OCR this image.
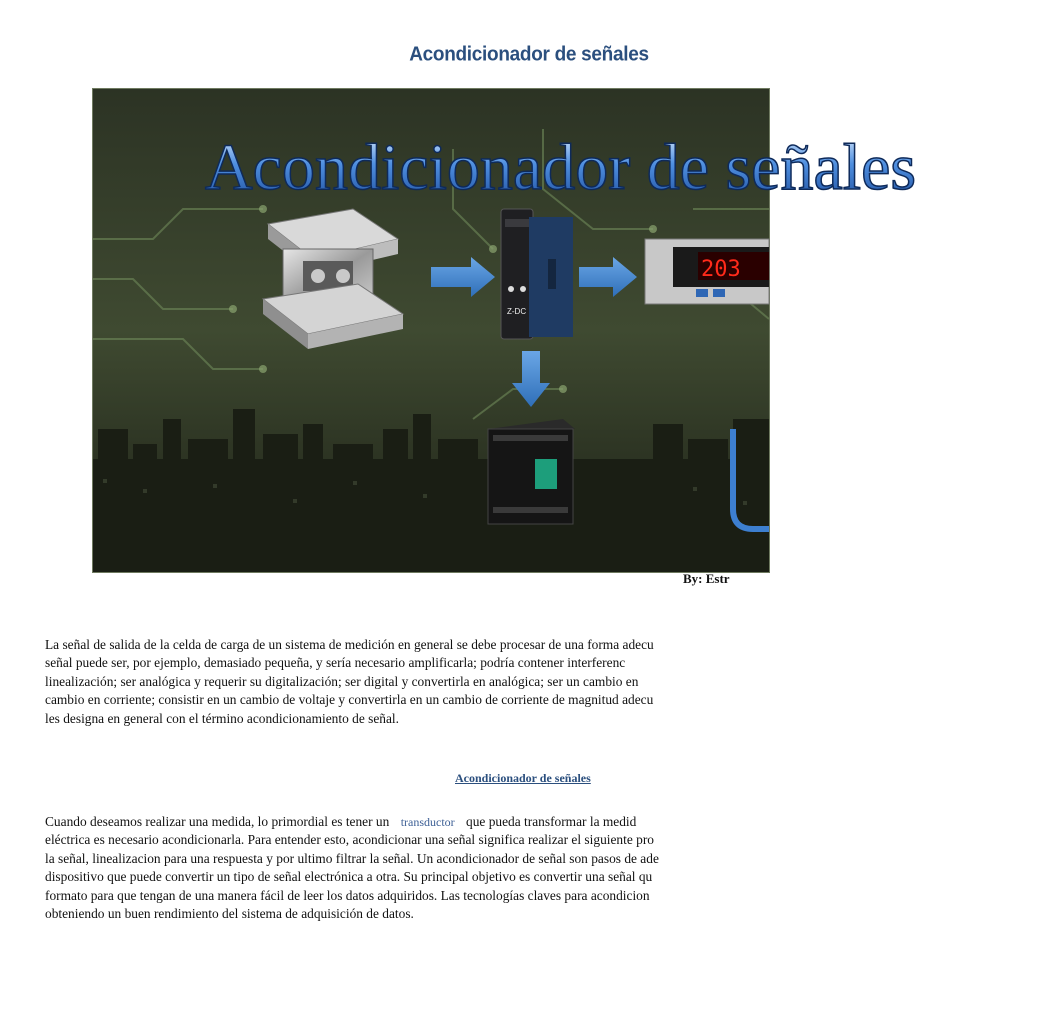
Acondicionador de señales
Acondicionador de señales
Z-DC
203
By: Estr
La señal de salida de la celda de carga de un sistema de medición en general se debe procesar de una forma adecu
señal puede ser, por ejemplo, demasiado pequeña, y sería necesario amplificarla; podría contener interferenc
linealización; ser analógica y requerir su digitalización; ser digital y convertirla en analógica; ser un cambio en
cambio en corriente; consistir en un cambio de voltaje y convertirla en un cambio de corriente de magnitud adecu
les designa en general con el término acondicionamiento de señal.
Acondicionador de señales
Cuando deseamos realizar una medida, lo primordial es tener un transductor que pueda transformar la medid
eléctrica es necesario acondicionarla. Para entender esto, acondicionar una señal significa realizar el siguiente pro
la señal, linealizacion para una respuesta y por ultimo filtrar la señal. Un acondicionador de señal son pasos de ade
dispositivo que puede convertir un tipo de señal electrónica a otra. Su principal objetivo es convertir una señal qu
formato para que tengan de una manera fácil de leer los datos adquiridos. Las tecnologías claves para acondicion
obteniendo un buen rendimiento del sistema de adquisición de datos.
